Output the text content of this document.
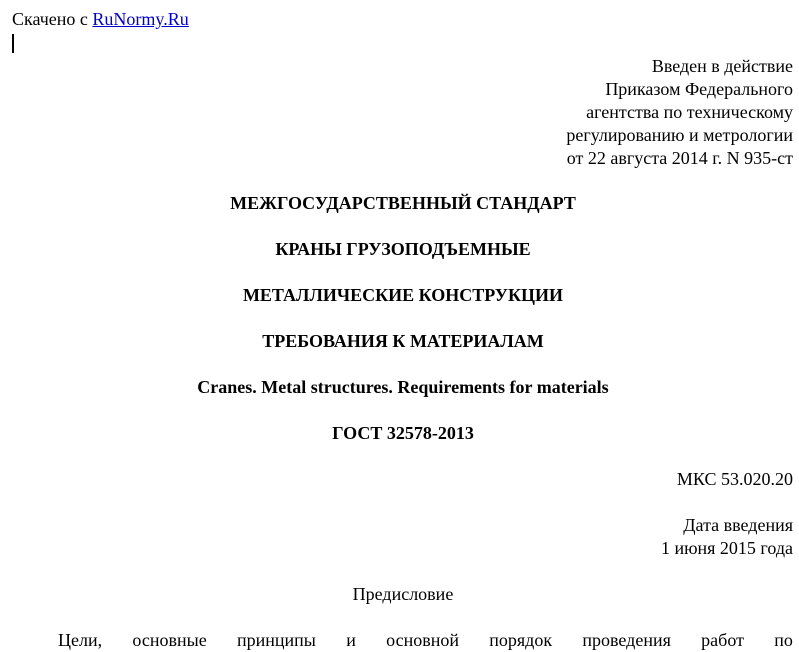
Скачено с RuNormy.Ru
Введен в действие
Приказом Федерального
агентства по техническому
регулированию и метрологии
от 22 августа 2014 г. N 935-ст
МЕЖГОСУДАРСТВЕННЫЙ СТАНДАРТ
КРАНЫ ГРУЗОПОДЪЕМНЫЕ
МЕТАЛЛИЧЕСКИЕ КОНСТРУКЦИИ
ТРЕБОВАНИЯ К МАТЕРИАЛАМ
Cranes. Metal structures. Requirements for materials
ГОСТ 32578-2013
МКС 53.020.20
Дата введения
1 июня 2015 года
Предисловие
Цели, основные принципы и основной порядок проведения работ по
